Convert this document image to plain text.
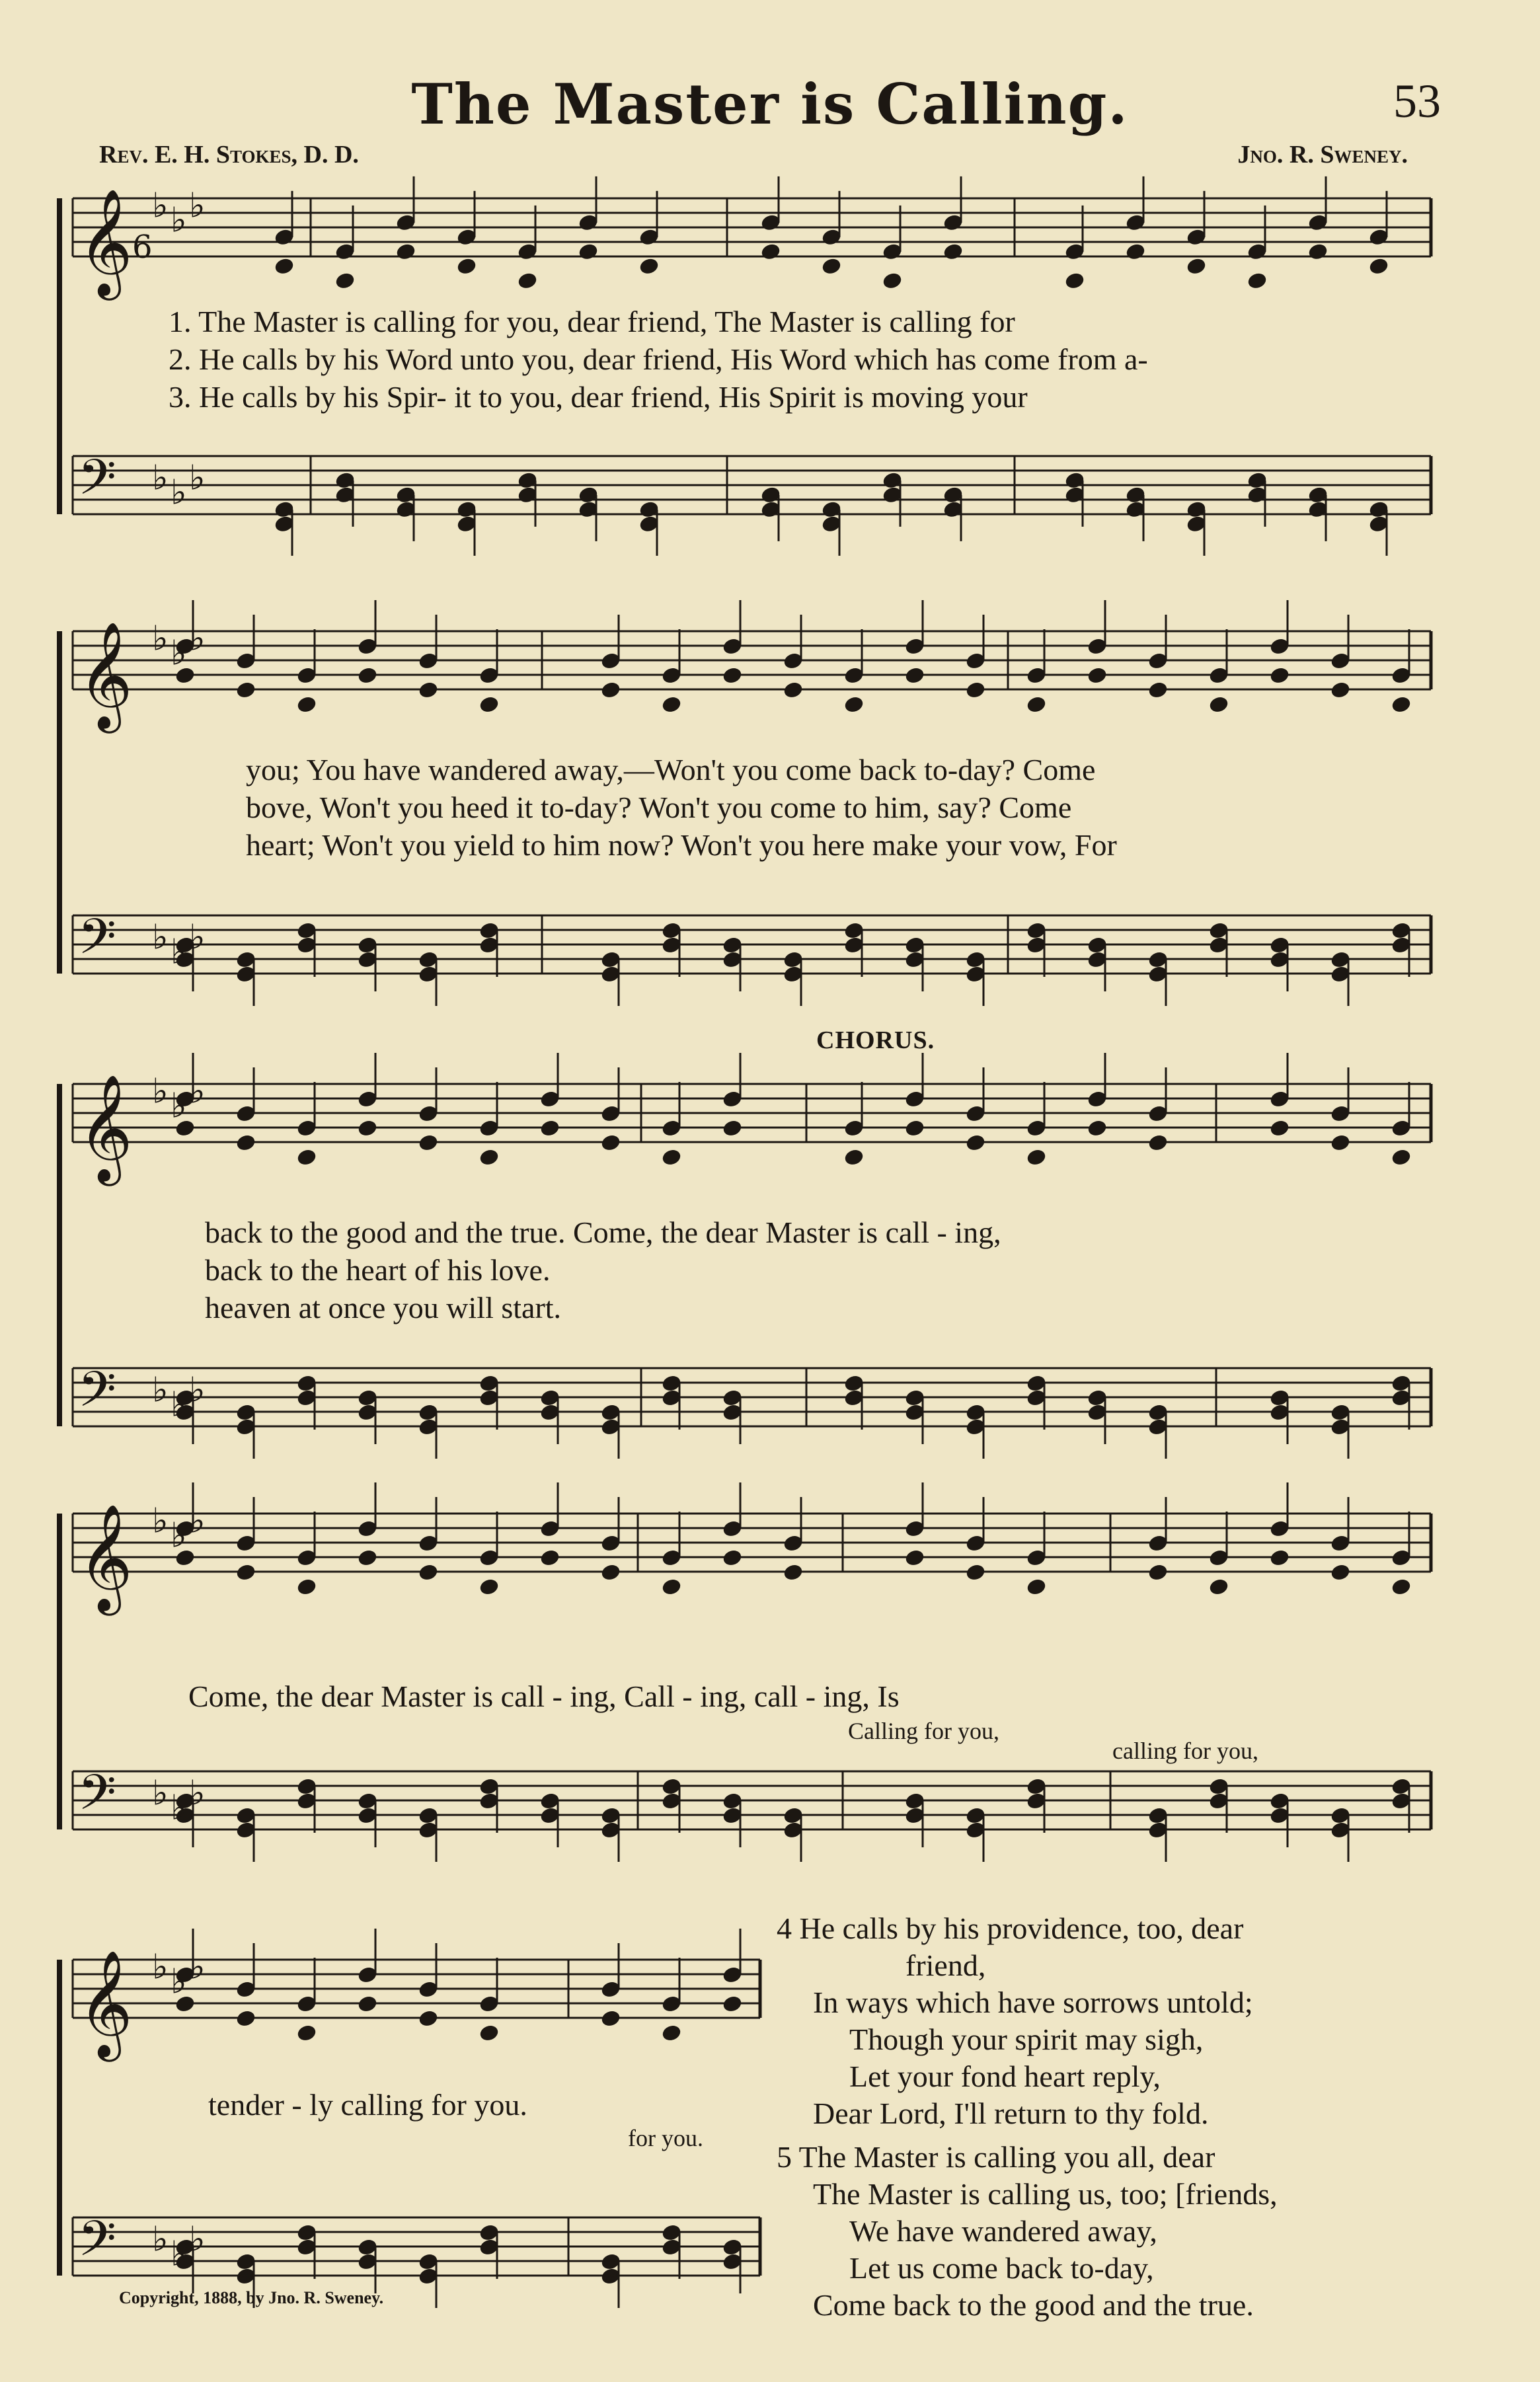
The Master is Calling.	53
Rev. E. H. Stokes, D. D.	Jno. R. Sweney.
𝄞
𝄢
♭
♭
♭
♭
♭
♭
𝄞
𝄢
♭
♭
♭
♭
♭
♭
𝄞
𝄢
♭
♭
♭
♭
♭
♭
𝄞
𝄢
♭
♭
♭
♭
♭
♭
𝄞
𝄢
♭
♭
♭
♭
♭
♭
6
1. The Master is calling for you, dear friend, The Master is calling for
2. He calls by his Word unto you, dear friend, His Word which has come from a-
3. He calls by his Spir- it to you, dear friend, His Spirit is moving your
you; You have wandered away,—Won't you come back to-day? Come
bove, Won't you heed it to-day? Won't you come to him, say? Come
heart; Won't you yield to him now? Won't you here make your vow, For
CHORUS.
back to the good and the true. Come, the dear Master is call - ing,
back to the heart of his love.
heaven at once you will start.
Come, the dear Master is call - ing, Call - ing, call - ing, Is
Calling for you,
calling for you,
tender - ly calling for you.
for you.
4 He calls by his providence, too, dear
friend,
In ways which have sorrows untold;
Though your spirit may sigh,
Let your fond heart reply,
Dear Lord, I'll return to thy fold.
5 The Master is calling you all, dear
The Master is calling us, too; [friends,
We have wandered away,
Let us come back to-day,
Come back to the good and the true.
Copyright, 1888, by Jno. R. Sweney.
